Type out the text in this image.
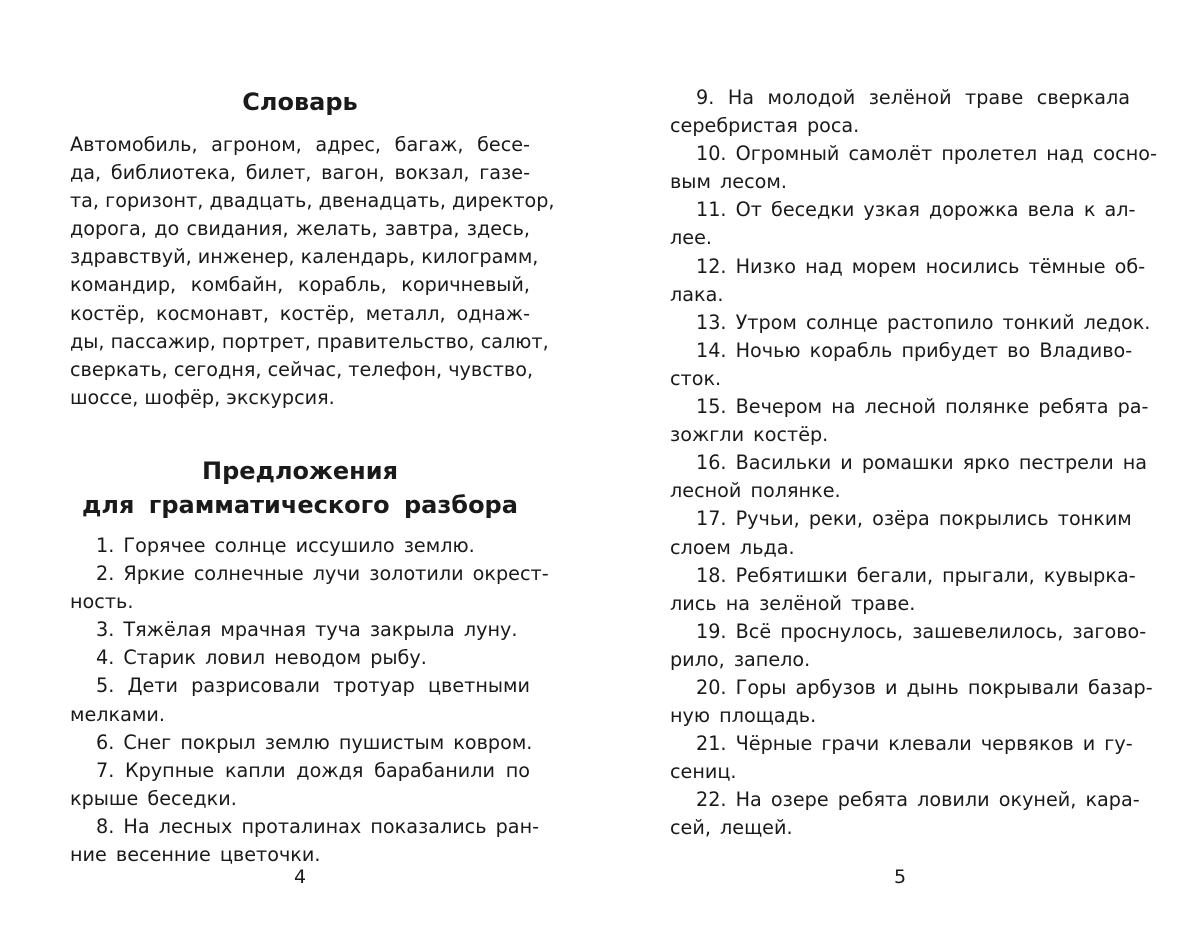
Словарь
Автомобиль, агроном, адрес, багаж, бесе-
да, библиотека, билет, вагон, вокзал, газе-
та, горизонт, двадцать, двенадцать, директор,
дорога, до свидания, желать, завтра, здесь,
здравствуй, инженер, календарь, килограмм,
командир, комбайн, корабль, коричневый,
костёр, космонавт, костёр, металл, однаж-
ды, пассажир, портрет, правительство, салют,
сверкать, сегодня, сейчас, телефон, чувство,
шоссе, шофёр, экскурсия.
Предложения
для грамматического разбора
1. Горячее солнце иссушило землю.
2. Яркие солнечные лучи золотили окрест-
ность.
3. Тяжёлая мрачная туча закрыла луну.
4. Старик ловил неводом рыбу.
5. Дети разрисовали тротуар цветными
мелками.
6. Снег покрыл землю пушистым ковром.
7. Крупные капли дождя барабанили по
крыше беседки.
8. На лесных проталинах показались ран-
ние весенние цветочки.
4
9. На молодой зелёной траве сверкала
серебристая роса.
10. Огромный самолёт пролетел над сосно-
вым лесом.
11. От беседки узкая дорожка вела к ал-
лее.
12. Низко над морем носились тёмные об-
лака.
13. Утром солнце растопило тонкий ледок.
14. Ночью корабль прибудет во Владиво-
сток.
15. Вечером на лесной полянке ребята ра-
зожгли костёр.
16. Васильки и ромашки ярко пестрели на
лесной полянке.
17. Ручьи, реки, озёра покрылись тонким
слоем льда.
18. Ребятишки бегали, прыгали, кувырка-
лись на зелёной траве.
19. Всё проснулось, зашевелилось, загово-
рило, запело.
20. Горы арбузов и дынь покрывали базар-
ную площадь.
21. Чёрные грачи клевали червяков и гу-
сениц.
22. На озере ребята ловили окуней, кара-
сей, лещей.
5
